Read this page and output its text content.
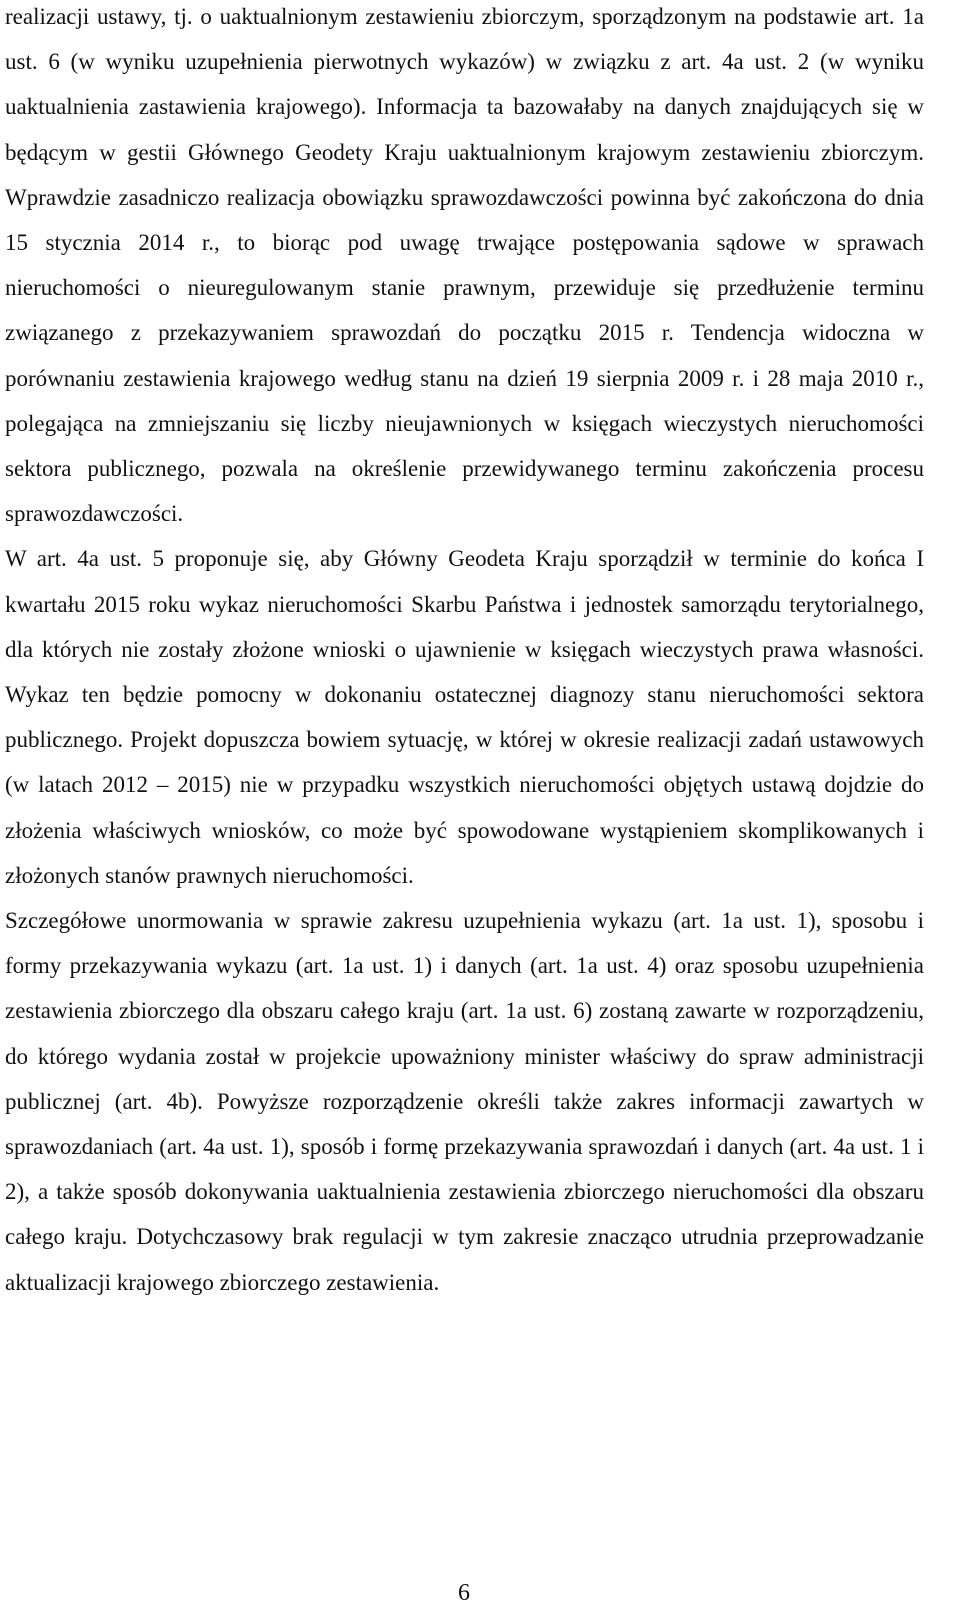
realizacji ustawy, tj. o uaktualnionym zestawieniu zbiorczym, sporządzonym na podstawie art. 1a ust. 6 (w wyniku uzupełnienia pierwotnych wykazów) w związku z art. 4a ust. 2 (w wyniku uaktualnienia zastawienia krajowego). Informacja ta bazowałaby na danych znajdujących się w będącym w gestii Głównego Geodety Kraju uaktualnionym krajowym zestawieniu zbiorczym. Wprawdzie zasadniczo realizacja obowiązku sprawozdawczości powinna być zakończona do dnia 15 stycznia 2014 r., to biorąc pod uwagę trwające postępowania sądowe w sprawach nieruchomości o nieuregulowanym stanie prawnym, przewiduje się przedłużenie terminu związanego z przekazywaniem sprawozdań do początku 2015 r. Tendencja widoczna w porównaniu zestawienia krajowego według stanu na dzień 19 sierpnia 2009 r. i 28 maja 2010 r., polegająca na zmniejszaniu się liczby nieujawnionych w księgach wieczystych nieruchomości sektora publicznego, pozwala na określenie przewidywanego terminu zakończenia procesu sprawozdawczości.

W art. 4a ust. 5 proponuje się, aby Główny Geodeta Kraju sporządził w terminie do końca I kwartału 2015 roku wykaz nieruchomości Skarbu Państwa i jednostek samorządu terytorialnego, dla których nie zostały złożone wnioski o ujawnienie w księgach wieczystych prawa własności. Wykaz ten będzie pomocny w dokonaniu ostatecznej diagnozy stanu nieruchomości sektora publicznego. Projekt dopuszcza bowiem sytuację, w której w okresie realizacji zadań ustawowych (w latach 2012 – 2015) nie w przypadku wszystkich nieruchomości objętych ustawą dojdzie do złożenia właściwych wniosków, co może być spowodowane wystąpieniem skomplikowanych i złożonych stanów prawnych nieruchomości.

Szczegółowe unormowania w sprawie zakresu uzupełnienia wykazu (art. 1a ust. 1), sposobu i formy przekazywania wykazu (art. 1a ust. 1) i danych (art. 1a ust. 4) oraz sposobu uzupełnienia zestawienia zbiorczego dla obszaru całego kraju (art. 1a ust. 6) zostaną zawarte w rozporządzeniu, do którego wydania został w projekcie upoważniony minister właściwy do spraw administracji publicznej (art. 4b). Powyższe rozporządzenie określi także zakres informacji zawartych w sprawozdaniach (art. 4a ust. 1), sposób i formę przekazywania sprawozdań i danych (art. 4a ust. 1 i 2), a także sposób dokonywania uaktualnienia zestawienia zbiorczego nieruchomości dla obszaru całego kraju. Dotychczasowy brak regulacji w tym zakresie znacząco utrudnia przeprowadzanie aktualizacji krajowego zbiorczego zestawienia.

6
